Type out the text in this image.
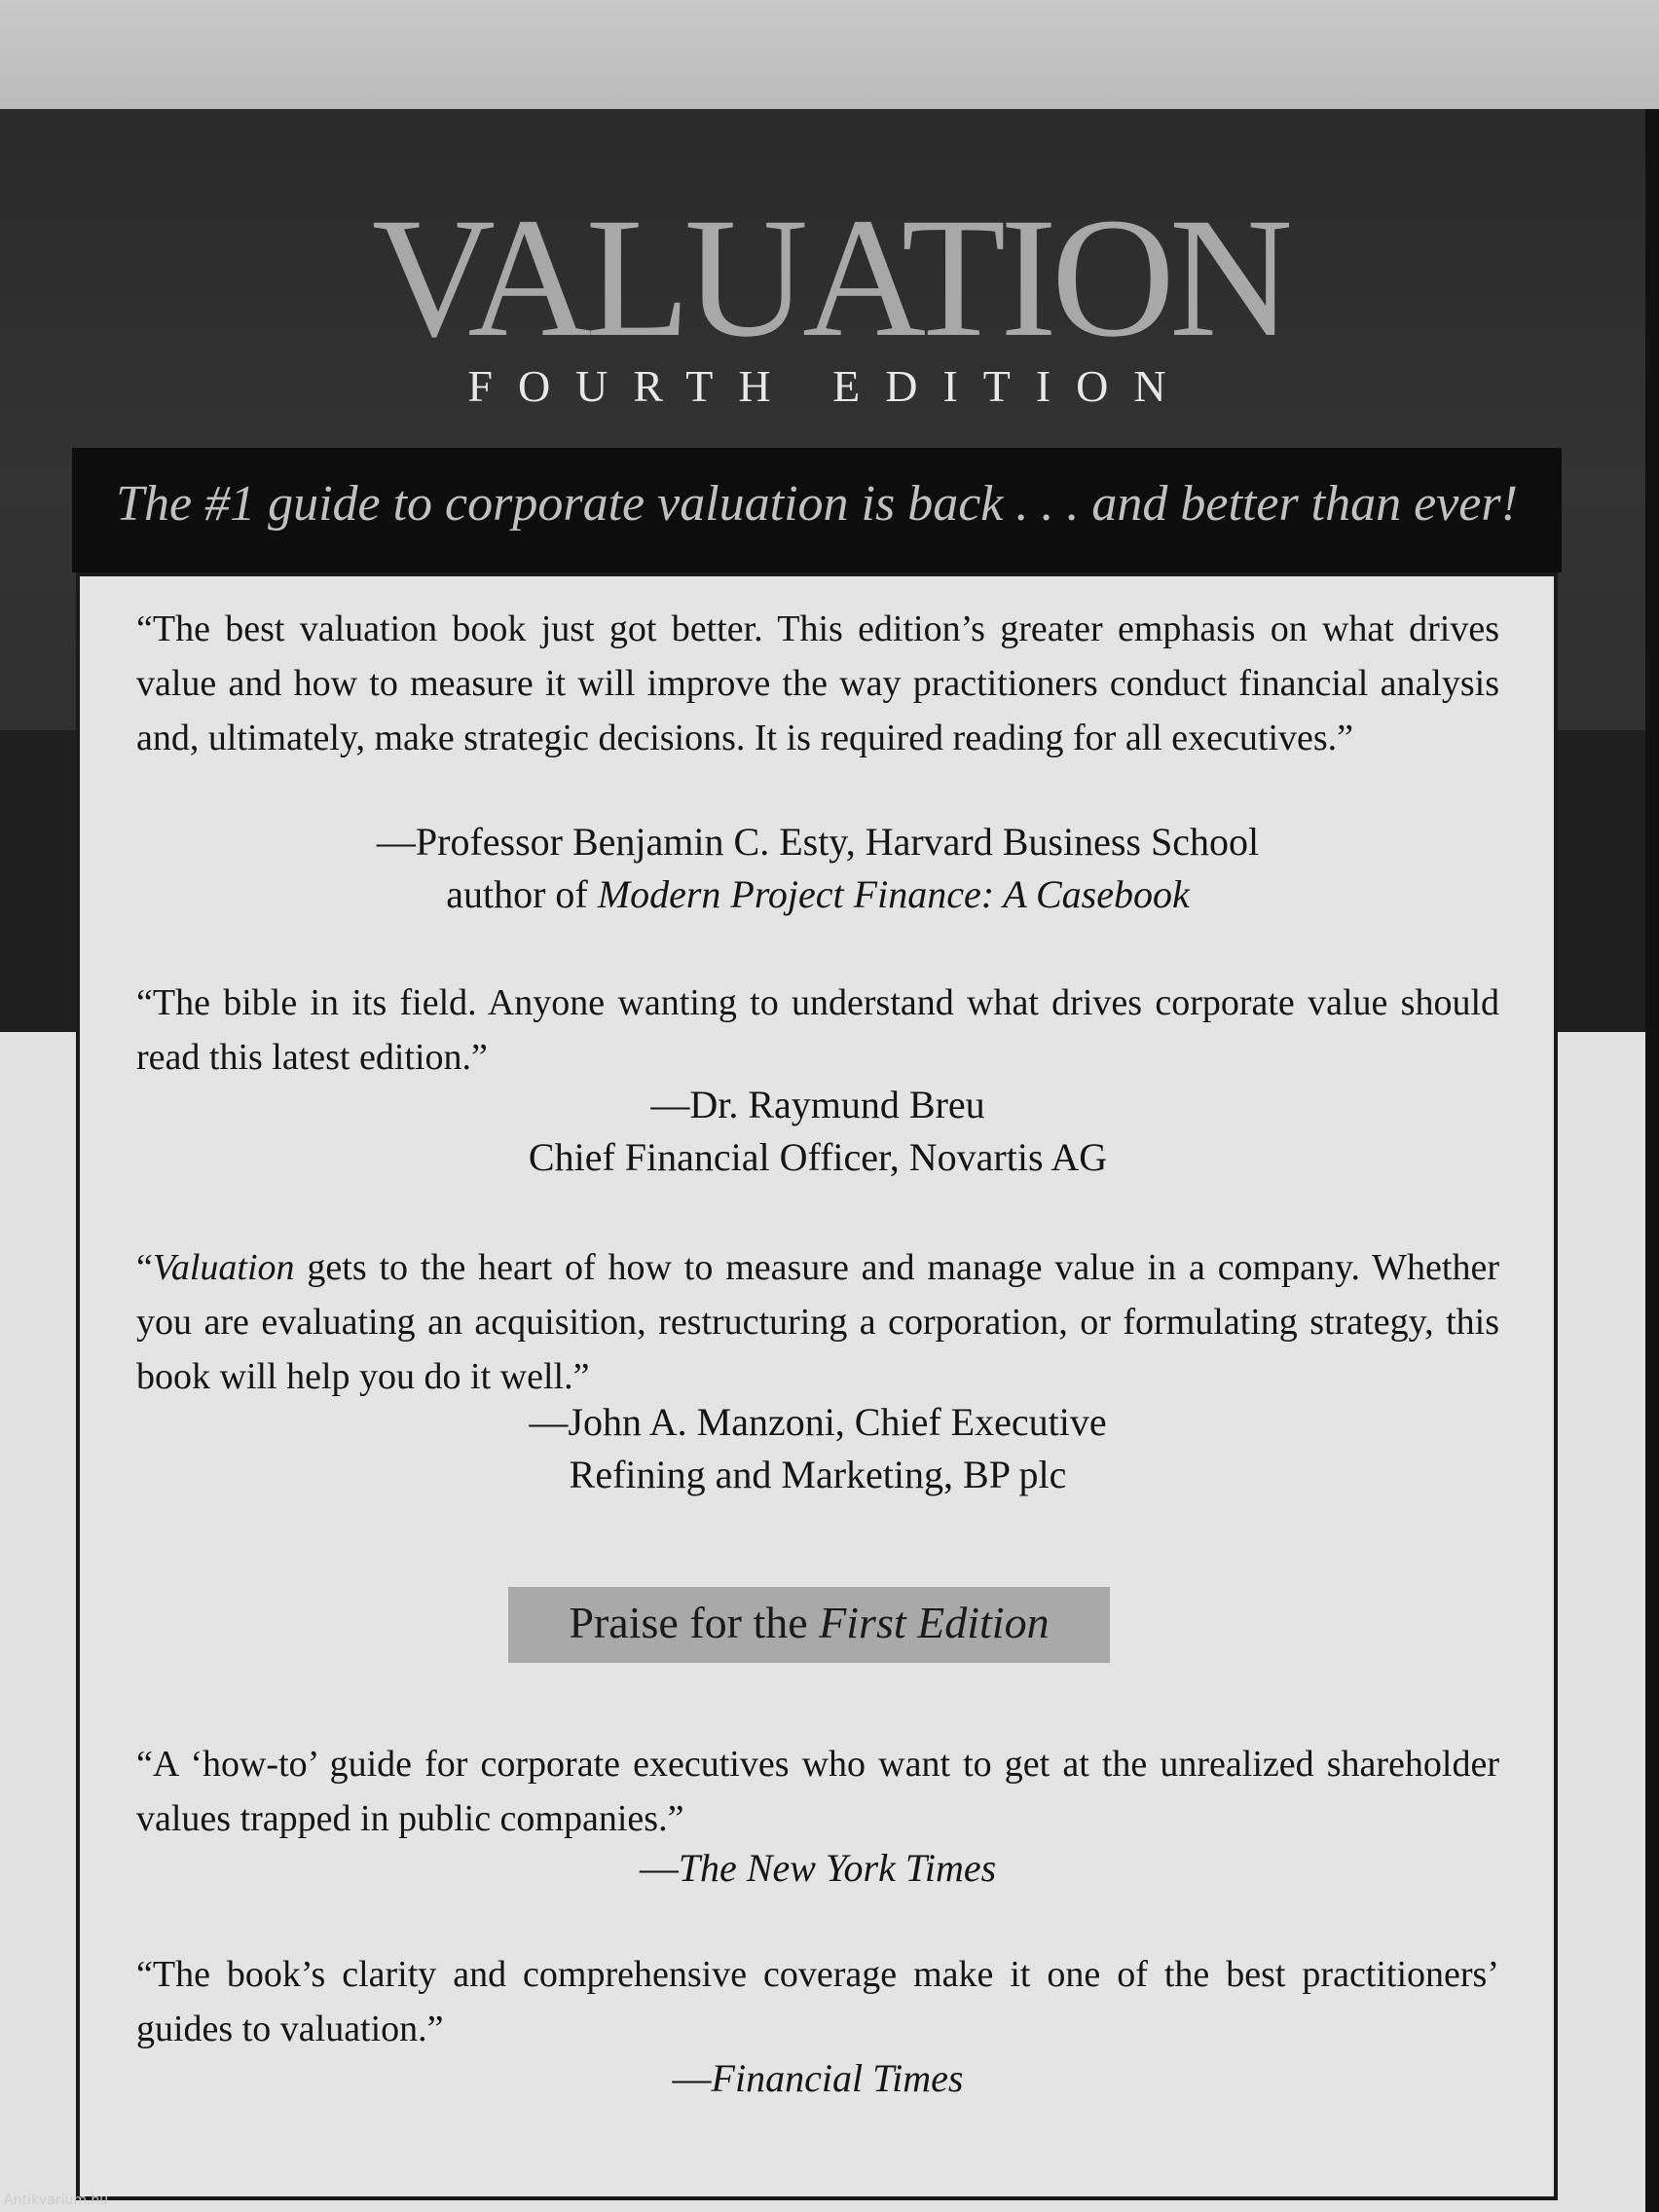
VALUATION
FOURTH EDITION
The #1 guide to corporate valuation is back . . . and better than ever!
“The best valuation book just got better. This edition’s greater emphasis on what drives value and how to measure it will improve the way practitioners conduct financial analysis and, ultimately, make strategic decisions. It is required reading for all executives.”
—Professor Benjamin C. Esty, Harvard Business School
author of Modern Project Finance: A Casebook
“The bible in its field. Anyone wanting to understand what drives corporate value should read this latest edition.”
—Dr. Raymund Breu
Chief Financial Officer, Novartis AG
“Valuation gets to the heart of how to measure and manage value in a company. Whether you are evaluating an acquisition, restructuring a corporation, or formulating strategy, this book will help you do it well.”
—John A. Manzoni, Chief Executive
Refining and Marketing, BP plc
Praise for the First Edition
“A ‘how-to’ guide for corporate executives who want to get at the unrealized shareholder values trapped in public companies.”
—The New York Times
“The book’s clarity and comprehensive coverage make it one of the best practitioners’ guides to valuation.”
—Financial Times
Antikvarium.hu
